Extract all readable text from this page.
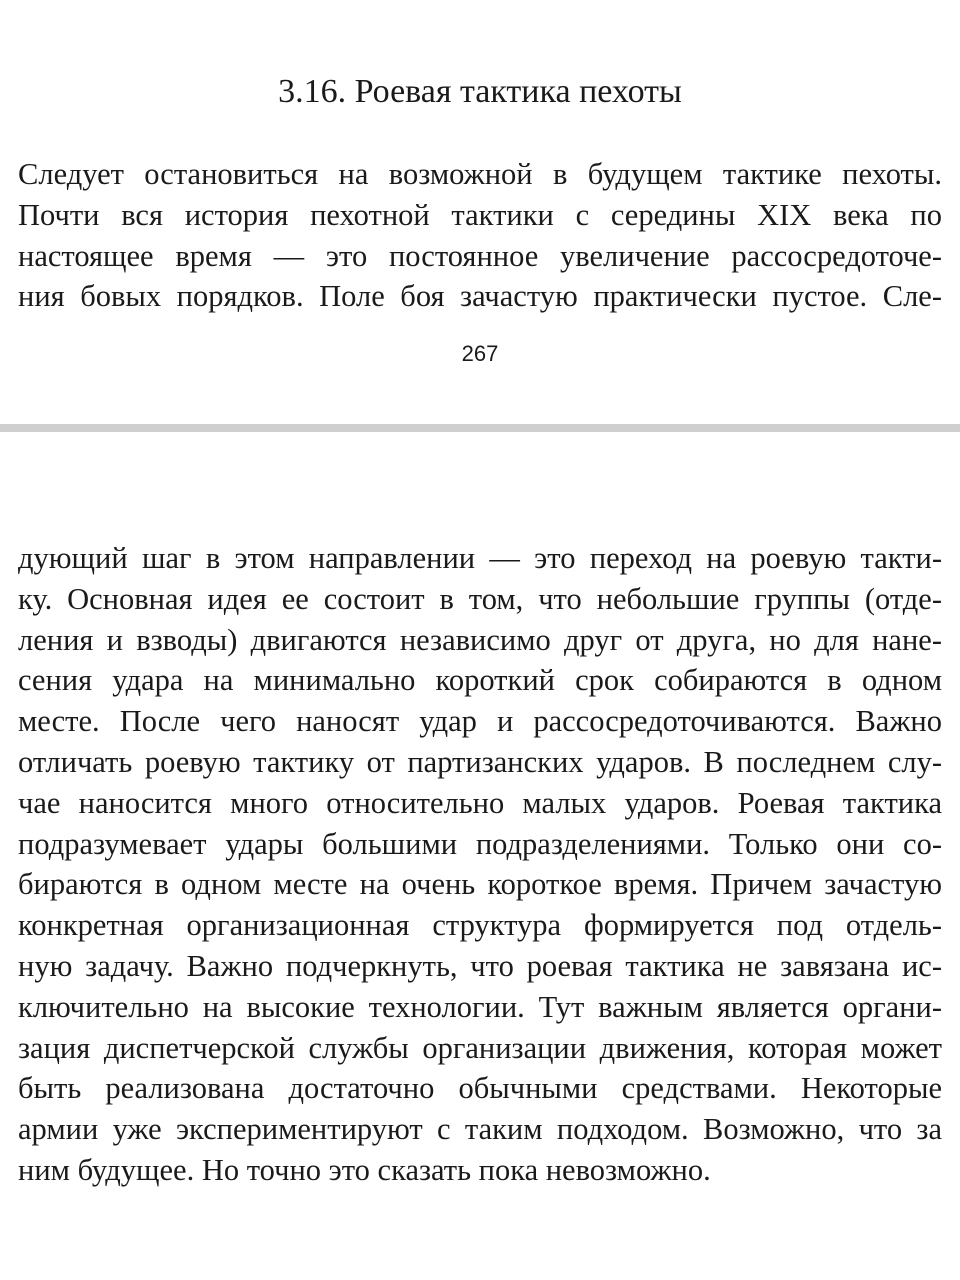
3.16. Роевая тактика пехоты
Следует остановиться на возможной в будущем тактике пехоты.
Почти вся история пехотной тактики с середины XIX века по
настоящее время — это постоянное увеличение рассосредоточе-
ния бовых порядков. Поле боя зачастую практически пустое. Сле-
267
дующий шаг в этом направлении — это переход на роевую такти-
ку. Основная идея ее состоит в том, что небольшие группы (отде-
ления и взводы) двигаются независимо друг от друга, но для нане-
сения удара на минимально короткий срок собираются в одном
месте. После чего наносят удар и рассосредоточиваются. Важно
отличать роевую тактику от партизанских ударов. В последнем слу-
чае наносится много относительно малых ударов. Роевая тактика
подразумевает удары большими подразделениями. Только они со-
бираются в одном месте на очень короткое время. Причем зачастую
конкретная организационная структура формируется под отдель-
ную задачу. Важно подчеркнуть, что роевая тактика не завязана ис-
ключительно на высокие технологии. Тут важным является органи-
зация диспетчерской службы организации движения, которая может
быть реализована достаточно обычными средствами. Некоторые
армии уже экспериментируют с таким подходом. Возможно, что за
ним будущее. Но точно это сказать пока невозможно.
